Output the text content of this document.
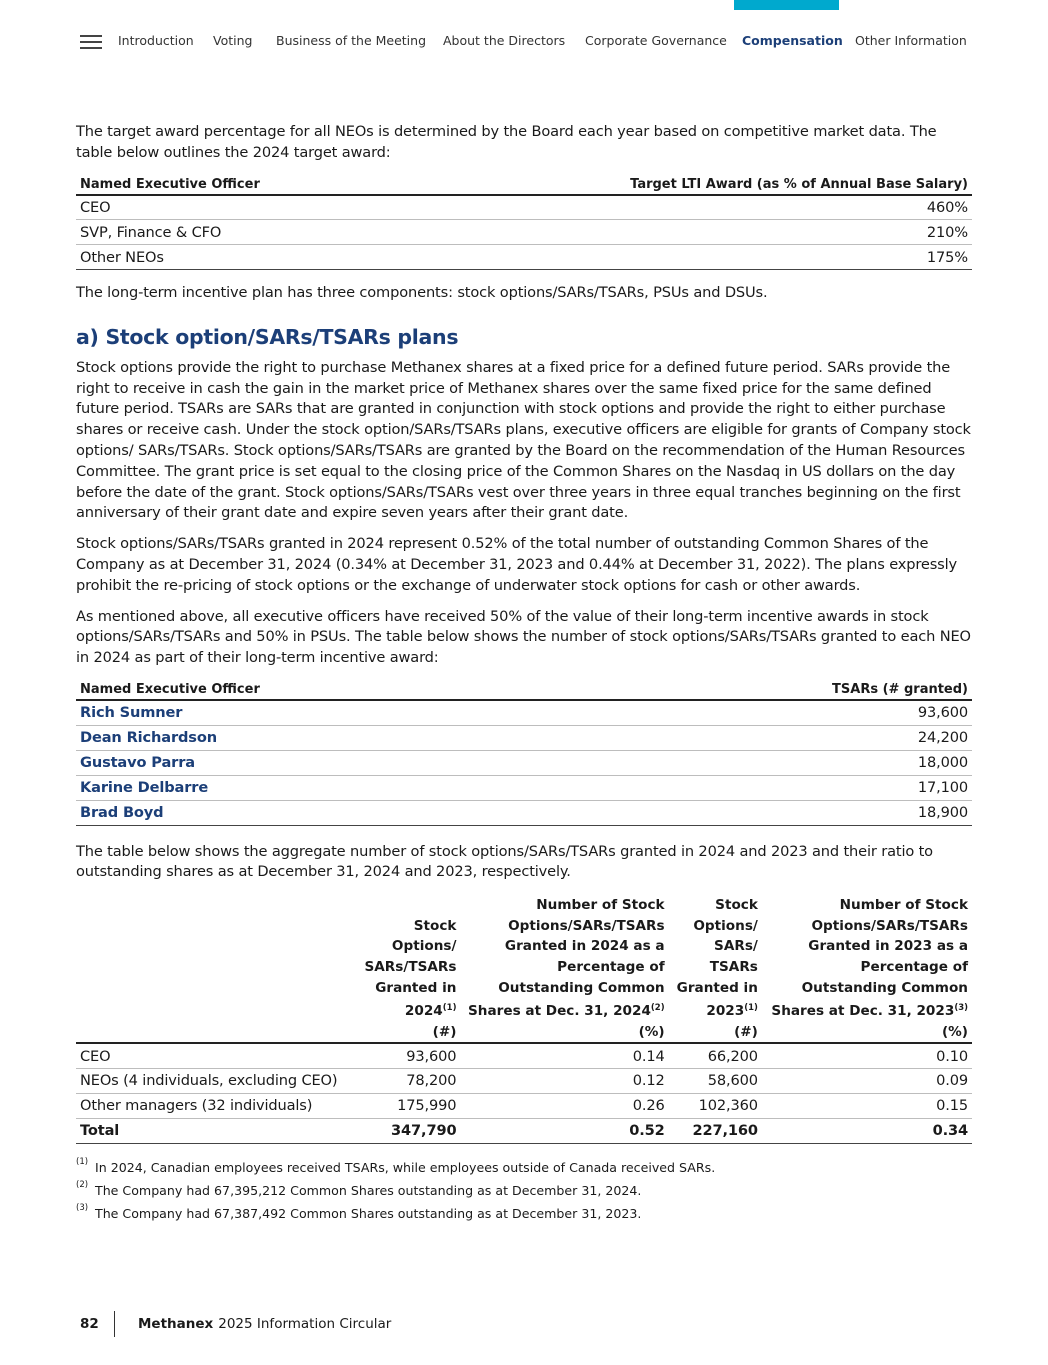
Introduction Voting Business of the Meeting About the Directors Corporate Governance Compensation Other Information

The target award percentage for all NEOs is determined by the Board each year based on competitive market data. The table below outlines the 2024 target award:

Named Executive Officer	Target LTI Award (as % of Annual Base Salary)
CEO	460%
SVP, Finance & CFO	210%
Other NEOs	175%

The long-term incentive plan has three components: stock options/SARs/TSARs, PSUs and DSUs.

a) Stock option/SARs/TSARs plans

Stock options provide the right to purchase Methanex shares at a fixed price for a defined future period. SARs provide the right to receive in cash the gain in the market price of Methanex shares over the same fixed price for the same defined future period. TSARs are SARs that are granted in conjunction with stock options and provide the right to either purchase shares or receive cash. Under the stock option/SARs/TSARs plans, executive officers are eligible for grants of Company stock options/ SARs/TSARs. Stock options/SARs/TSARs are granted by the Board on the recommendation of the Human Resources Committee. The grant price is set equal to the closing price of the Common Shares on the Nasdaq in US dollars on the day before the date of the grant. Stock options/SARs/TSARs vest over three years in three equal tranches beginning on the first anniversary of their grant date and expire seven years after their grant date.

Stock options/SARs/TSARs granted in 2024 represent 0.52% of the total number of outstanding Common Shares of the Company as at December 31, 2024 (0.34% at December 31, 2023 and 0.44% at December 31, 2022). The plans expressly prohibit the re-pricing of stock options or the exchange of underwater stock options for cash or other awards.

As mentioned above, all executive officers have received 50% of the value of their long-term incentive awards in stock options/SARs/TSARs and 50% in PSUs. The table below shows the number of stock options/SARs/TSARs granted to each NEO in 2024 as part of their long-term incentive award:

Named Executive Officer	TSARs (# granted)
Rich Sumner	93,600
Dean Richardson	24,200
Gustavo Parra	18,000
Karine Delbarre	17,100
Brad Boyd	18,900

The table below shows the aggregate number of stock options/SARs/TSARs granted in 2024 and 2023 and their ratio to outstanding shares as at December 31, 2024 and 2023, respectively.

	Stock Options/ SARs/TSARs Granted in 2024$^{(1)}$	Number of Stock Options/SARs/TSARs Granted in 2024 as a Percentage of Outstanding Common Shares at Dec. 31, 2024$^{(2)}$	Stock Options/ SARs/ TSARs Granted in 2023$^{(1)}$	Number of Stock Options/SARs/TSARs Granted in 2023 as a Percentage of Outstanding Common Shares at Dec. 31, 2023$^{(3)}$
	(#)	(%)	(#)	(%)
CEO	93,600	0.14	66,200	0.10
NEOs (4 individuals, excluding CEO)	78,200	0.12	58,600	0.09
Other managers (32 individuals)	175,990	0.26	102,360	0.15
Total	347,790	0.52	227,160	0.34
(1) In 2024, Canadian employees received TSARs, while employees outside of Canada received SARs.
(2) The Company had 67,395,212 Common Shares outstanding as at December 31, 2024.
(3) The Company had 67,387,492 Common Shares outstanding as at December 31, 2023.
82	Methanex 2025 Information Circular
